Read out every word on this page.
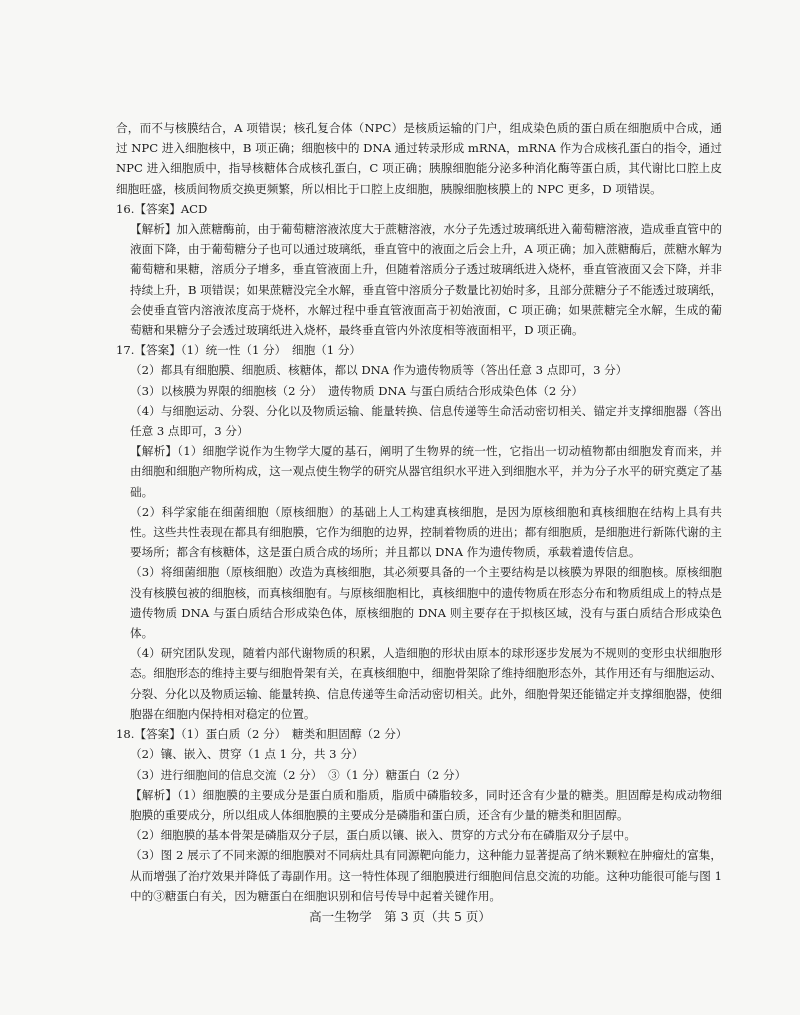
合，而不与核膜结合，A 项错误；核孔复合体（NPC）是核质运输的门户，组成染色质的蛋白质在细胞质中合成，通过 NPC 进入细胞核中，B 项正确；细胞核中的 DNA 通过转录形成 mRNA，mRNA 作为合成核孔蛋白的指令，通过 NPC 进入细胞质中，指导核糖体合成核孔蛋白，C 项正确；胰腺细胞能分泌多种消化酶等蛋白质，其代谢比口腔上皮细胞旺盛，核质间物质交换更频繁，所以相比于口腔上皮细胞，胰腺细胞核膜上的 NPC 更多，D 项错误。

16.【答案】ACD

【解析】加入蔗糖酶前，由于葡萄糖溶液浓度大于蔗糖溶液，水分子先透过玻璃纸进入葡萄糖溶液，造成垂直管中的液面下降，由于葡萄糖分子也可以通过玻璃纸，垂直管中的液面之后会上升，A 项正确；加入蔗糖酶后，蔗糖水解为葡萄糖和果糖，溶质分子增多，垂直管液面上升，但随着溶质分子透过玻璃纸进入烧杯，垂直管液面又会下降，并非持续上升，B 项错误；如果蔗糖没完全水解，垂直管中溶质分子数量比初始时多，且部分蔗糖分子不能透过玻璃纸，会使垂直管内溶液浓度高于烧杯，水解过程中垂直管液面高于初始液面，C 项正确；如果蔗糖完全水解，生成的葡萄糖和果糖分子会透过玻璃纸进入烧杯，最终垂直管内外浓度相等液面相平，D 项正确。

17.【答案】（1）统一性（1 分）　细胞（1 分）

（2）都具有细胞膜、细胞质、核糖体，都以 DNA 作为遗传物质等（答出任意 3 点即可，3 分）

（3）以核膜为界限的细胞核（2 分）　遗传物质 DNA 与蛋白质结合形成染色体（2 分）

（4）与细胞运动、分裂、分化以及物质运输、能量转换、信息传递等生命活动密切相关、锚定并支撑细胞器（答出任意 3 点即可，3 分）

【解析】（1）细胞学说作为生物学大厦的基石，阐明了生物界的统一性，它指出一切动植物都由细胞发育而来，并由细胞和细胞产物所构成，这一观点使生物学的研究从器官组织水平进入到细胞水平，并为分子水平的研究奠定了基础。

（2）科学家能在细菌细胞（原核细胞）的基础上人工构建真核细胞，是因为原核细胞和真核细胞在结构上具有共性。这些共性表现在都具有细胞膜，它作为细胞的边界，控制着物质的进出；都有细胞质，是细胞进行新陈代谢的主要场所；都含有核糖体，这是蛋白质合成的场所；并且都以 DNA 作为遗传物质，承载着遗传信息。

（3）将细菌细胞（原核细胞）改造为真核细胞，其必须要具备的一个主要结构是以核膜为界限的细胞核。原核细胞没有核膜包被的细胞核，而真核细胞有。与原核细胞相比，真核细胞中的遗传物质在形态分布和物质组成上的特点是遗传物质 DNA 与蛋白质结合形成染色体，原核细胞的 DNA 则主要存在于拟核区域，没有与蛋白质结合形成染色体。

（4）研究团队发现，随着内部代谢物质的积累，人造细胞的形状由原本的球形逐步发展为不规则的变形虫状细胞形态。细胞形态的维持主要与细胞骨架有关，在真核细胞中，细胞骨架除了维持细胞形态外，其作用还有与细胞运动、分裂、分化以及物质运输、能量转换、信息传递等生命活动密切相关。此外，细胞骨架还能锚定并支撑细胞器，使细胞器在细胞内保持相对稳定的位置。

18.【答案】（1）蛋白质（2 分）　糖类和胆固醇（2 分）

（2）镶、嵌入、贯穿（1 点 1 分，共 3 分）

（3）进行细胞间的信息交流（2 分）　③（1 分）糖蛋白（2 分）

【解析】（1）细胞膜的主要成分是蛋白质和脂质，脂质中磷脂较多，同时还含有少量的糖类。胆固醇是构成动物细胞膜的重要成分，所以组成人体细胞膜的主要成分是磷脂和蛋白质，还含有少量的糖类和胆固醇。

（2）细胞膜的基本骨架是磷脂双分子层，蛋白质以镶、嵌入、贯穿的方式分布在磷脂双分子层中。

（3）图 2 展示了不同来源的细胞膜对不同病灶具有同源靶向能力，这种能力显著提高了纳米颗粒在肿瘤灶的富集，从而增强了治疗效果并降低了毒副作用。这一特性体现了细胞膜进行细胞间信息交流的功能。这种功能很可能与图 1 中的③糖蛋白有关，因为糖蛋白在细胞识别和信号传导中起着关键作用。

高一生物学　第 3 页（共 5 页）
